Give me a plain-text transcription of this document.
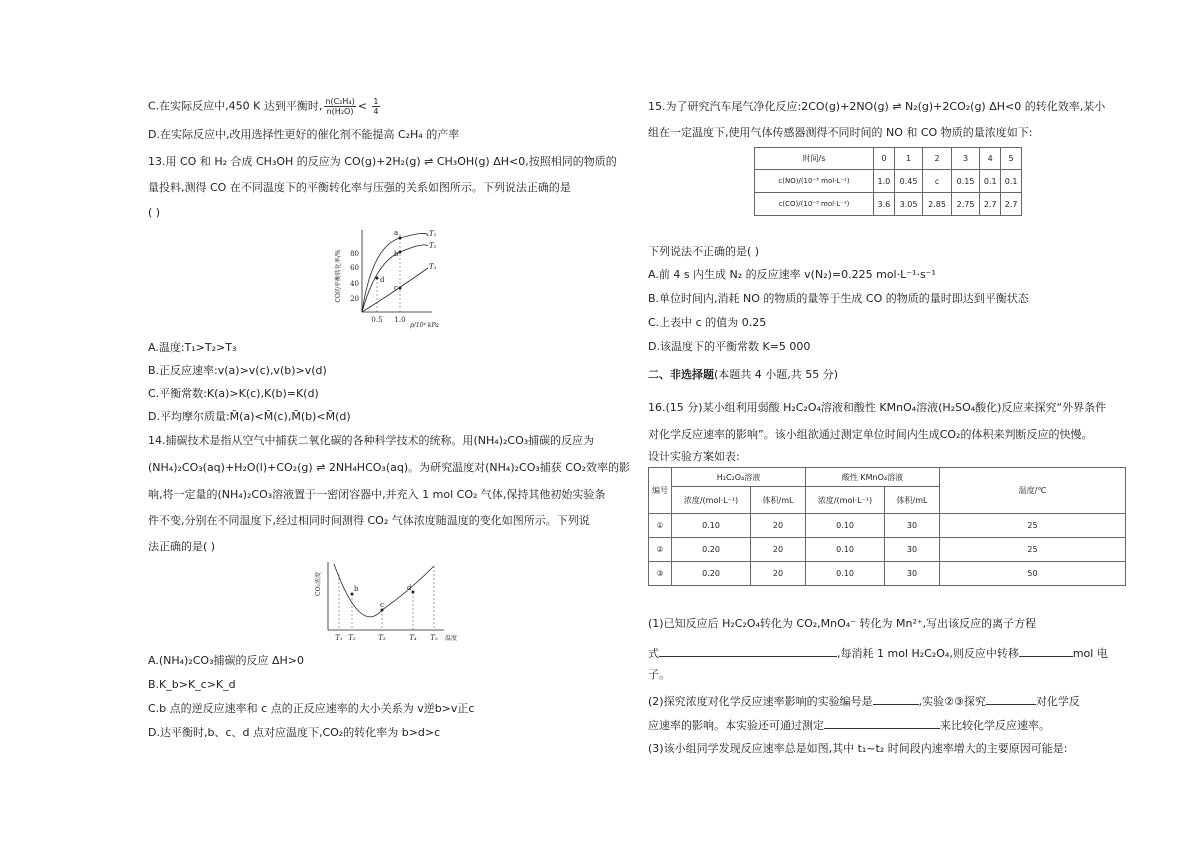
C.在实际反应中,450 K 达到平衡时, $\frac{\text{n(C₂H₄)}}{\text{n(H₂O)}} < \frac{1}{4}$
D.在实际反应中,改用选择性更好的催化剂不能提高 C₂H₄ 的产率
13.用 CO 和 H₂ 合成 CH₃OH 的反应为 CO(g)+2H₂(g) ⇌ CH₃OH(g) ΔH<0,按照相同的物质的
量投料,测得 CO 在不同温度下的平衡转化率与压强的关系如图所示。下列说法正确的是
( )
A.温度:T₁>T₂>T₃
B.正反应速率:v(a)>v(c),v(b)>v(d)
C.平衡常数:K(a)>K(c),K(b)=K(d)
D.平均摩尔质量:M̄(a)<M̄(c),M̄(b)<M̄(d)
14.捕碳技术是指从空气中捕获二氧化碳的各种科学技术的统称。用(NH₄)₂CO₃捕碳的反应为
(NH₄)₂CO₃(aq)+H₂O(l)+CO₂(g) ⇌ 2NH₄HCO₃(aq)。为研究温度对(NH₄)₂CO₃捕获 CO₂效率的影
响,将一定量的(NH₄)₂CO₃溶液置于一密闭容器中,并充入 1 mol CO₂ 气体,保持其他初始实验条
件不变,分别在不同温度下,经过相同时间测得 CO₂ 气体浓度随温度的变化如图所示。下列说
法正确的是( )
A.(NH₄)₂CO₃捕碳的反应 ΔH>0
B.K_b>K_c>K_d
C.b 点的逆反应速率和 c 点的正反应速率的大小关系为 v逆b>v正c
D.达平衡时,b、c、d 点对应温度下,CO₂的转化率为 b>d>c
CO的平衡转化率/% 80
60
40
20
0.5 1.0
p/10⁴ kPa
T₁
T₂
T₃
a
b
c
d
CO₂浓度	b
c
d
T₁ T₂	T₃	T₄ T₅ 温度
15.为了研究汽车尾气净化反应:2CO(g)+2NO(g) ⇌ N₂(g)+2CO₂(g) ΔH<0 的转化效率,某小
组在一定温度下,使用气体传感器测得不同时间的 NO 和 CO 物质的量浓度如下:
时间/s	0	1	2	3	4	5
c(NO)/(10⁻³ mol·L⁻¹)	1.0	0.45	c	0.15	0.1	0.1
c(CO)/(10⁻³ mol·L⁻¹)	3.6	3.05	2.85	2.75	2.7	2.7
下列说法不正确的是( )
A.前 4 s 内生成 N₂ 的反应速率 v(N₂)=0.225 mol·L⁻¹·s⁻¹
B.单位时间内,消耗 NO 的物质的量等于生成 CO 的物质的量时即达到平衡状态
C.上表中 c 的值为 0.25
D.该温度下的平衡常数 K=5 000
二、非选择题(本题共 4 小题,共 55 分)
16.(15 分)某小组利用弱酸 H₂C₂O₄溶液和酸性 KMnO₄溶液(H₂SO₄酸化)反应来探究“外界条件
对化学反应速率的影响”。该小组欲通过测定单位时间内生成CO₂的体积来判断反应的快慢。
设计实验方案如表:
编号	H₂C₂O₄溶液		酸性 KMnO₄溶液		温度/℃
	浓度/(mol·L⁻¹)	体积/mL	浓度/(mol·L⁻¹)	体积/mL	
①	0.10	20	0.10	30	25
②	0.20	20	0.10	30	25
③	0.20	20	0.10	30	50
(1)已知反应后 H₂C₂O₄转化为 CO₂,MnO₄⁻ 转化为 Mn²⁺,写出该反应的离子方程
式	,每消耗 1 mol H₂C₂O₄,则反应中转移	mol 电
子。
(2)探究浓度对化学反应速率影响的实验编号是	,实验②③探究	对化学反
应速率的影响。本实验还可通过测定	来比较化学反应速率。
(3)该小组同学发现反应速率总是如图,其中 t₁~t₂ 时间段内速率增大的主要原因可能是:
